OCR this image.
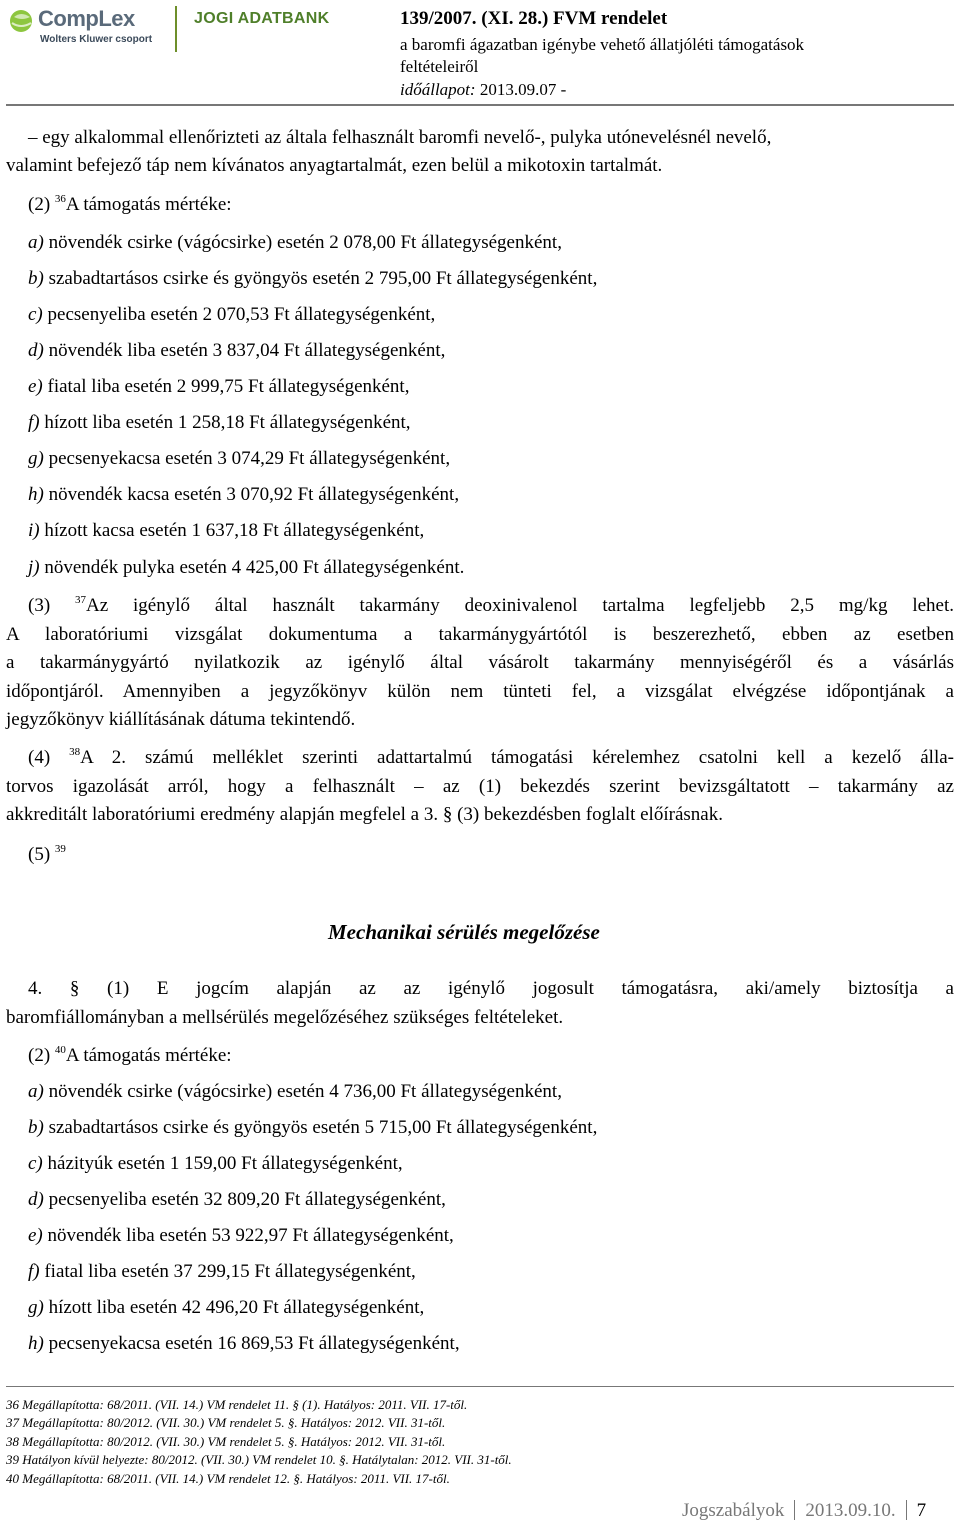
CompLex
Wolters Kluwer csoport
JOGI ADATBANK	139/2007. (XI. 28.) FVM rendelet
a baromfi ágazatban igénybe vehető állatjóléti támogatások
feltételeiről
időállapot: 2013.09.07 -
– egy alkalommal ellenőrizteti az általa felhasznált baromfi nevelő-, pulyka utónevelésnél nevelő,
valamint befejező táp nem kívánatos anyagtartalmát, ezen belül a mikotoxin tartalmát.
(2) $^{36}$A támogatás mértéke:
a) növendék csirke (vágócsirke) esetén 2 078,00 Ft állategységenként,
b) szabadtartásos csirke és gyöngyös esetén 2 795,00 Ft állategységenként,
c) pecsenyeliba esetén 2 070,53 Ft állategységenként,
d) növendék liba esetén 3 837,04 Ft állategységenként,
e) fiatal liba esetén 2 999,75 Ft állategységenként,
f) hízott liba esetén 1 258,18 Ft állategységenként,
g) pecsenyekacsa esetén 3 074,29 Ft állategységenként,
h) növendék kacsa esetén 3 070,92 Ft állategységenként,
i) hízott kacsa esetén 1 637,18 Ft állategységenként,
j) növendék pulyka esetén 4 425,00 Ft állategységenként.
(3) $^{37}$Az igénylő által használt takarmány deoxinivalenol tartalma legfeljebb 2,5 mg/kg lehet.
A laboratóriumi vizsgálat dokumentuma a takarmánygyártótól is beszerezhető, ebben az esetben
a takarmánygyártó nyilatkozik az igénylő által vásárolt takarmány mennyiségéről és a vásárlás
időpontjáról. Amennyiben a jegyzőkönyv külön nem tünteti fel, a vizsgálat elvégzése időpontjának a
jegyzőkönyv kiállításának dátuma tekintendő.
(4) $^{38}$A 2. számú melléklet szerinti adattartalmú támogatási kérelemhez csatolni kell a kezelő álla-
torvos igazolását arról, hogy a felhasznált – az (1) bekezdés szerint bevizsgáltatott – takarmány az
akkreditált laboratóriumi eredmény alapján megfelel a 3. § (3) bekezdésben foglalt előírásnak.
(5) $^{39}$
Mechanikai sérülés megelőzése
4. § (1) E jogcím alapján az az igénylő jogosult támogatásra, aki/amely biztosítja a
baromfiállományban a mellsérülés megelőzéséhez szükséges feltételeket.
(2) $^{40}$A támogatás mértéke:
a) növendék csirke (vágócsirke) esetén 4 736,00 Ft állategységenként,
b) szabadtartásos csirke és gyöngyös esetén 5 715,00 Ft állategységenként,
c) házityúk esetén 1 159,00 Ft állategységenként,
d) pecsenyeliba esetén 32 809,20 Ft állategységenként,
e) növendék liba esetén 53 922,97 Ft állategységenként,
f) fiatal liba esetén 37 299,15 Ft állategységenként,
g) hízott liba esetén 42 496,20 Ft állategységenként,
h) pecsenyekacsa esetén 16 869,53 Ft állategységenként,
36 Megállapította: 68/2011. (VII. 14.) VM rendelet 11. § (1). Hatályos: 2011. VII. 17-től.
37 Megállapította: 80/2012. (VII. 30.) VM rendelet 5. §. Hatályos: 2012. VII. 31-től.
38 Megállapította: 80/2012. (VII. 30.) VM rendelet 5. §. Hatályos: 2012. VII. 31-től.
39 Hatályon kívül helyezte: 80/2012. (VII. 30.) VM rendelet 10. §. Hatálytalan: 2012. VII. 31-től.
40 Megállapította: 68/2011. (VII. 14.) VM rendelet 12. §. Hatályos: 2011. VII. 17-től.
Jogszabályok 2013.09.10. 7
